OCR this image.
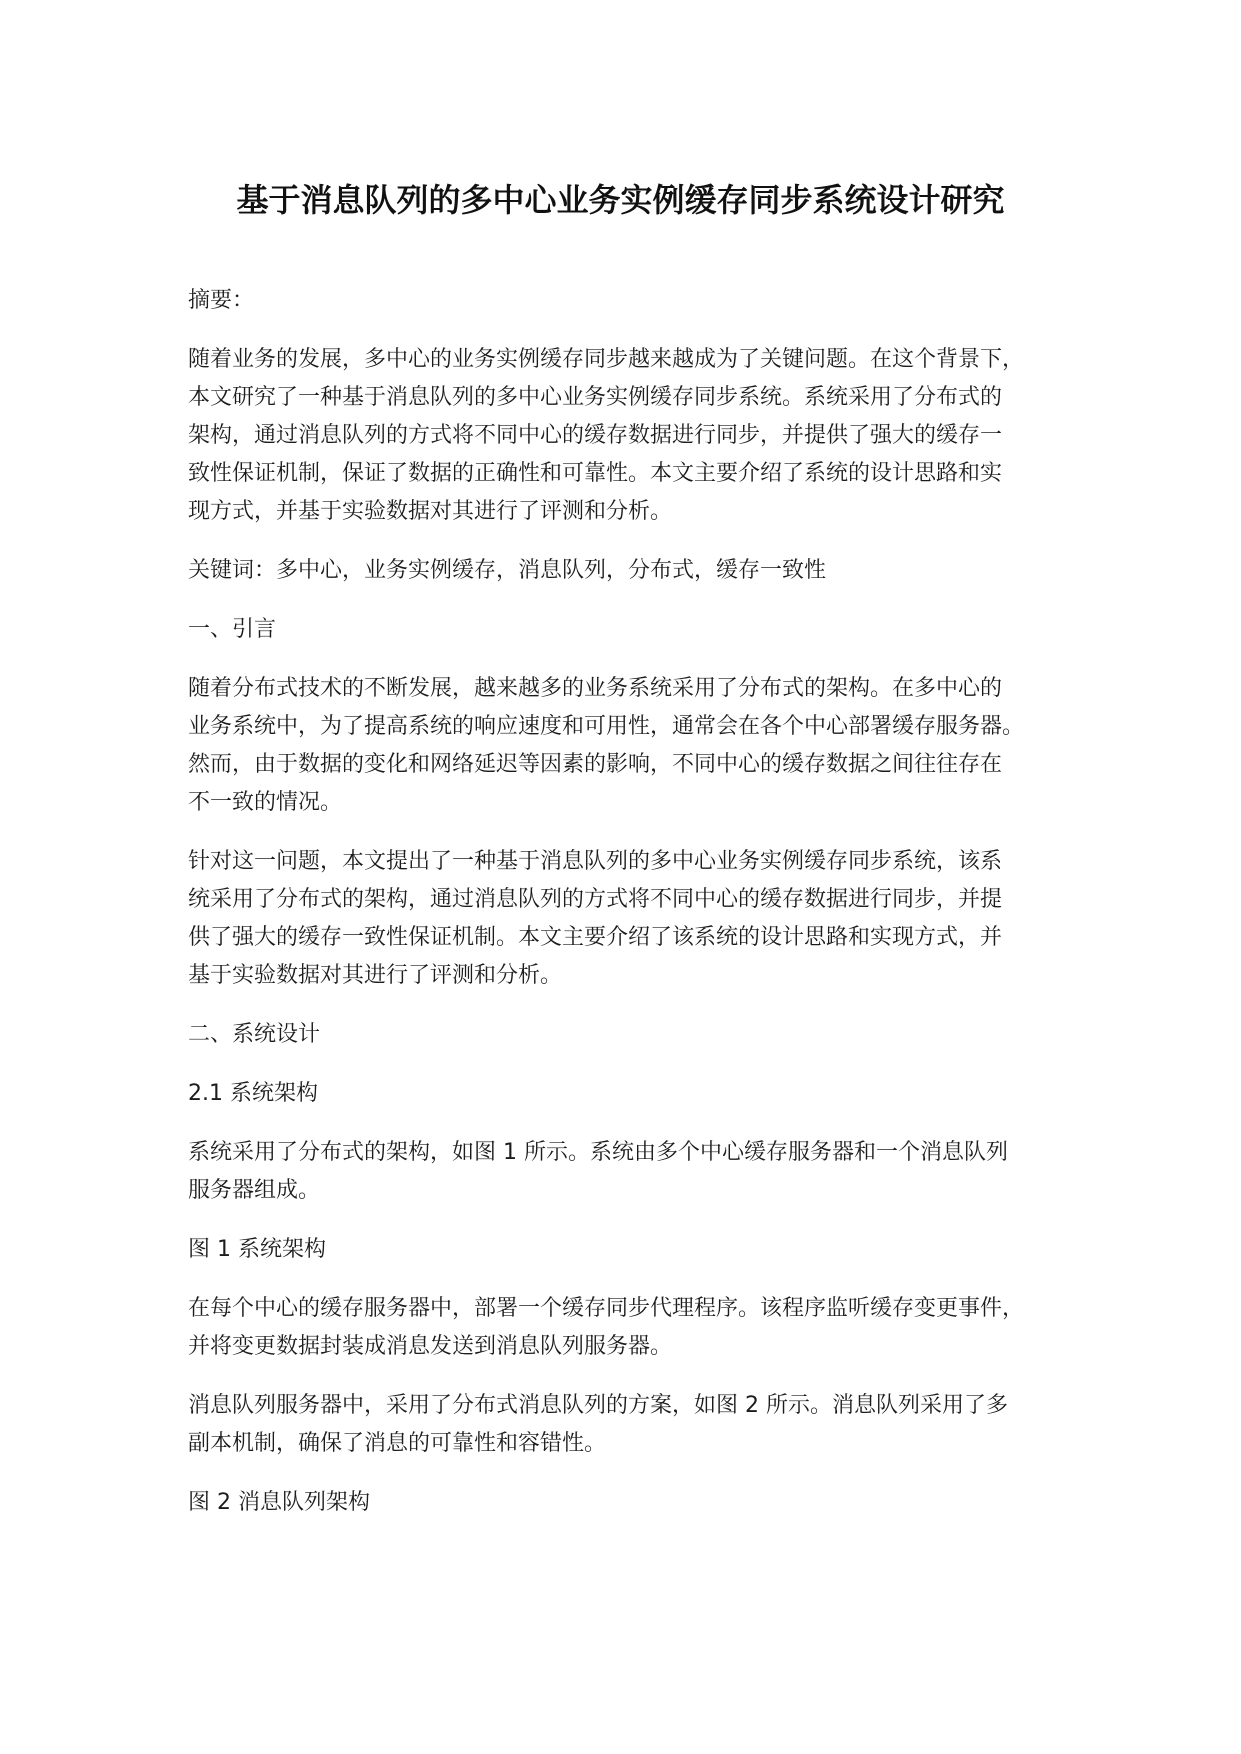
基于消息队列的多中心业务实例缓存同步系统设计研究
摘要：
随着业务的发展，多中心的业务实例缓存同步越来越成为了关键问题。在这个背景下，
本文研究了一种基于消息队列的多中心业务实例缓存同步系统。系统采用了分布式的
架构，通过消息队列的方式将不同中心的缓存数据进行同步，并提供了强大的缓存一
致性保证机制，保证了数据的正确性和可靠性。本文主要介绍了系统的设计思路和实
现方式，并基于实验数据对其进行了评测和分析。
关键词：多中心，业务实例缓存，消息队列，分布式，缓存一致性
一、引言
随着分布式技术的不断发展，越来越多的业务系统采用了分布式的架构。在多中心的
业务系统中，为了提高系统的响应速度和可用性，通常会在各个中心部署缓存服务器。
然而，由于数据的变化和网络延迟等因素的影响，不同中心的缓存数据之间往往存在
不一致的情况。
针对这一问题，本文提出了一种基于消息队列的多中心业务实例缓存同步系统，该系
统采用了分布式的架构，通过消息队列的方式将不同中心的缓存数据进行同步，并提
供了强大的缓存一致性保证机制。本文主要介绍了该系统的设计思路和实现方式，并
基于实验数据对其进行了评测和分析。
二、系统设计
2.1 系统架构
系统采用了分布式的架构，如图 1 所示。系统由多个中心缓存服务器和一个消息队列
服务器组成。
图 1 系统架构
在每个中心的缓存服务器中，部署一个缓存同步代理程序。该程序监听缓存变更事件，
并将变更数据封装成消息发送到消息队列服务器。
消息队列服务器中，采用了分布式消息队列的方案，如图 2 所示。消息队列采用了多
副本机制，确保了消息的可靠性和容错性。
图 2 消息队列架构
